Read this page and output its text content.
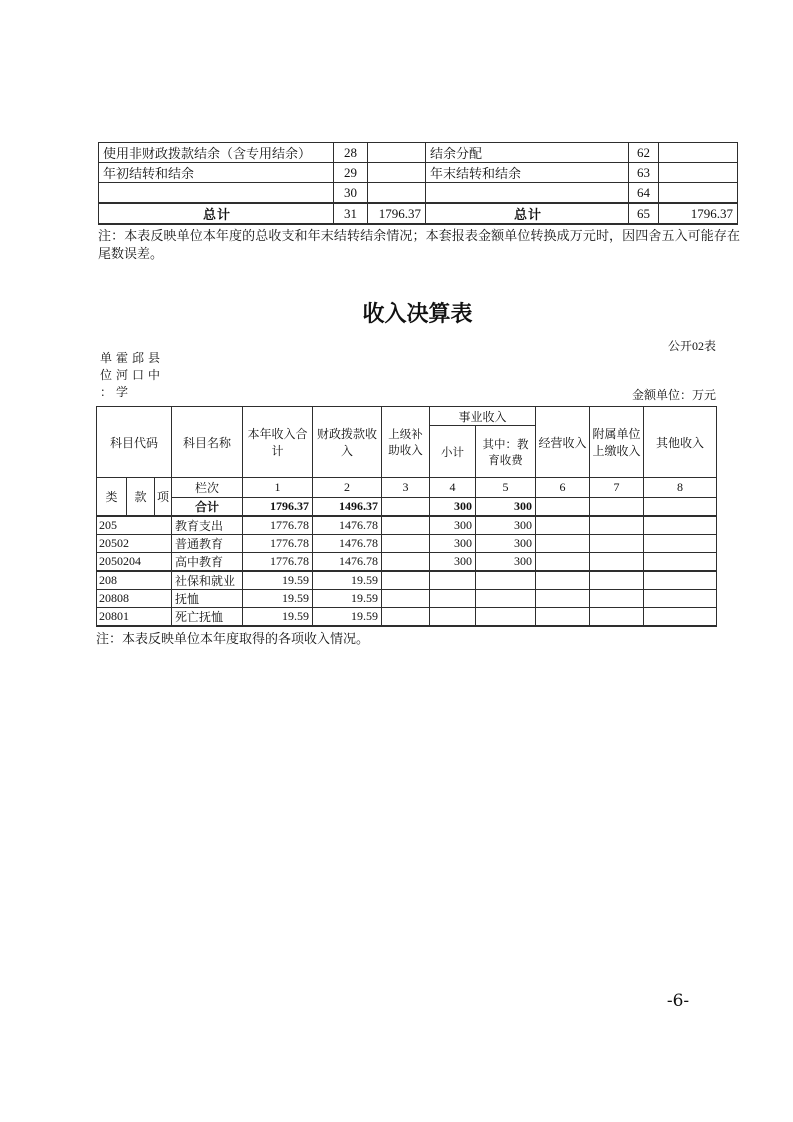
使用非财政拨款结余（含专用结余）	28		结余分配	62	
年初结转和结余	29		年末结转和结余	63	
	30			64	
总计	31	1796.37	总计	65	1796.37
注：本表反映单位本年度的总收支和年末结转结余情况；本套报表金额单位转换成万元时，因四舍五入可能存在尾数误差。
收入决算表
公开02表
单霍邱县
位河口中
：学	金额单位：万元
科目代码			科目名称	本年收入合计	财政拨款收入	上级补助收入	事业收入		经营收入	附属单位上缴收入	其他收入
							小计	其中：教育收费			
类	款	项	栏次	1	2	3	4	5	6	7	8
			合计	1796.37	1496.37		300	300			
205			教育支出	1776.78	1476.78		300	300			
20502			普通教育	1776.78	1476.78		300	300			
2050204			高中教育	1776.78	1476.78		300	300			
208			社保和就业	19.59	19.59						
20808			抚恤	19.59	19.59						
20801			死亡抚恤	19.59	19.59						
注：本表反映单位本年度取得的各项收入情况。
-6-
